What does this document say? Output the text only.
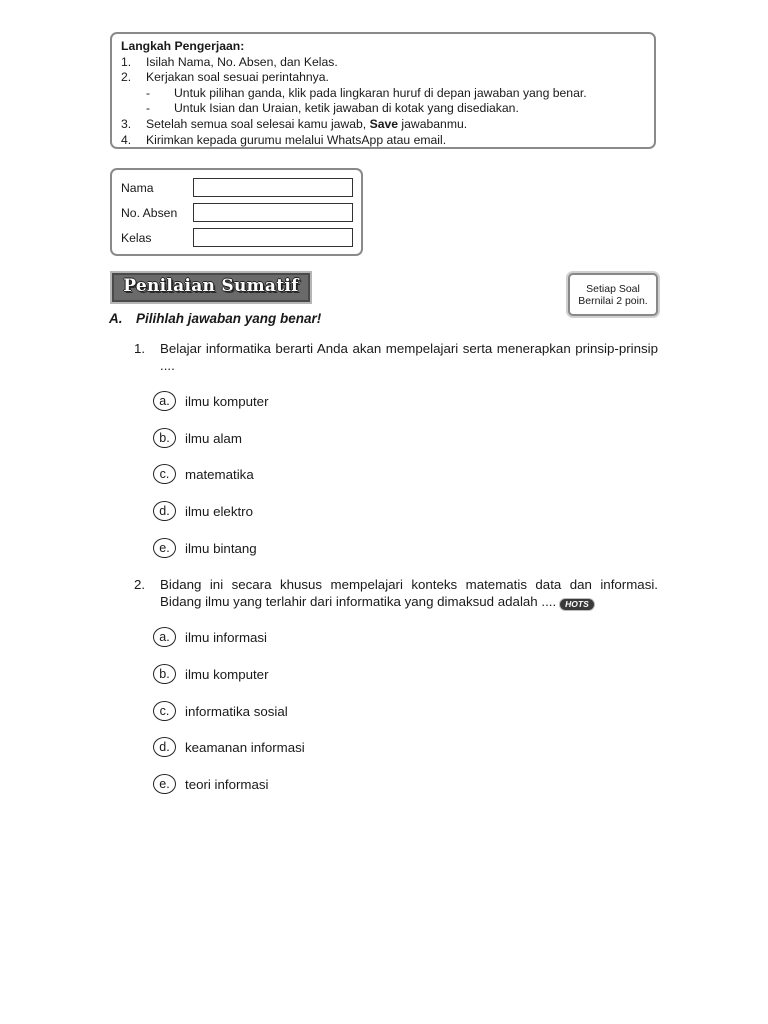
Langkah Pengerjaan:
1.	Isilah Nama, No. Absen, dan Kelas.
2.	Kerjakan soal sesuai perintahnya.
-	Untuk pilihan ganda, klik pada lingkaran huruf di depan jawaban yang benar.
-	Untuk Isian dan Uraian, ketik jawaban di kotak yang disediakan.
3.	Setelah semua soal selesai kamu jawab, Save jawabanmu.
4.	Kirimkan kepada gurumu melalui WhatsApp atau email.
Nama
No. Absen
Kelas
Penilaian Sumatif	Setiap Soal
Bernilai 2 poin.
A. Pilihlah jawaban yang benar!
1. Belajar informatika berarti Anda akan mempelajari serta menerapkan prinsip-prinsip ....
a.	ilmu komputer
b.	ilmu alam
c.	matematika
d.	ilmu elektro
e.	ilmu bintang
2. Bidang ini secara khusus mempelajari konteks matematis data dan informasi. Bidang ilmu yang terlahir dari informatika yang dimaksud adalah .... HOTS
a.	ilmu informasi
b.	ilmu komputer
c.	informatika sosial
d.	keamanan informasi
e.	teori informasi
